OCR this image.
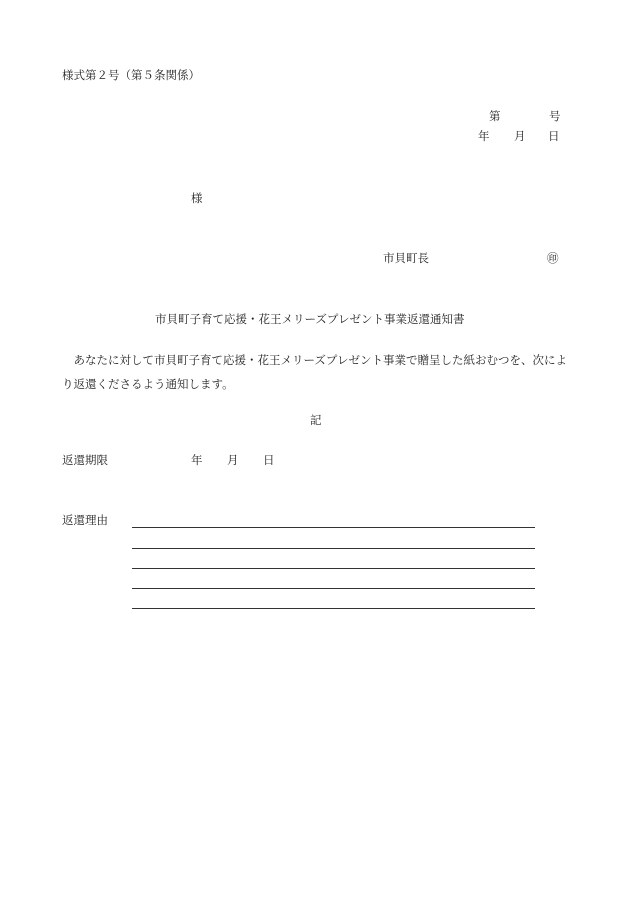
様式第２号（第５条関係）
第	号
年 月 日
様
市貝町長	㊞
市貝町子育て応援・花王メリーズプレゼント事業返還通知書
あなたに対して市貝町子育て応援・花王メリーズプレゼント事業で贈呈した紙おむつを、次により返還くださるよう通知します。
記
返還期限	年 月 日
返還理由
